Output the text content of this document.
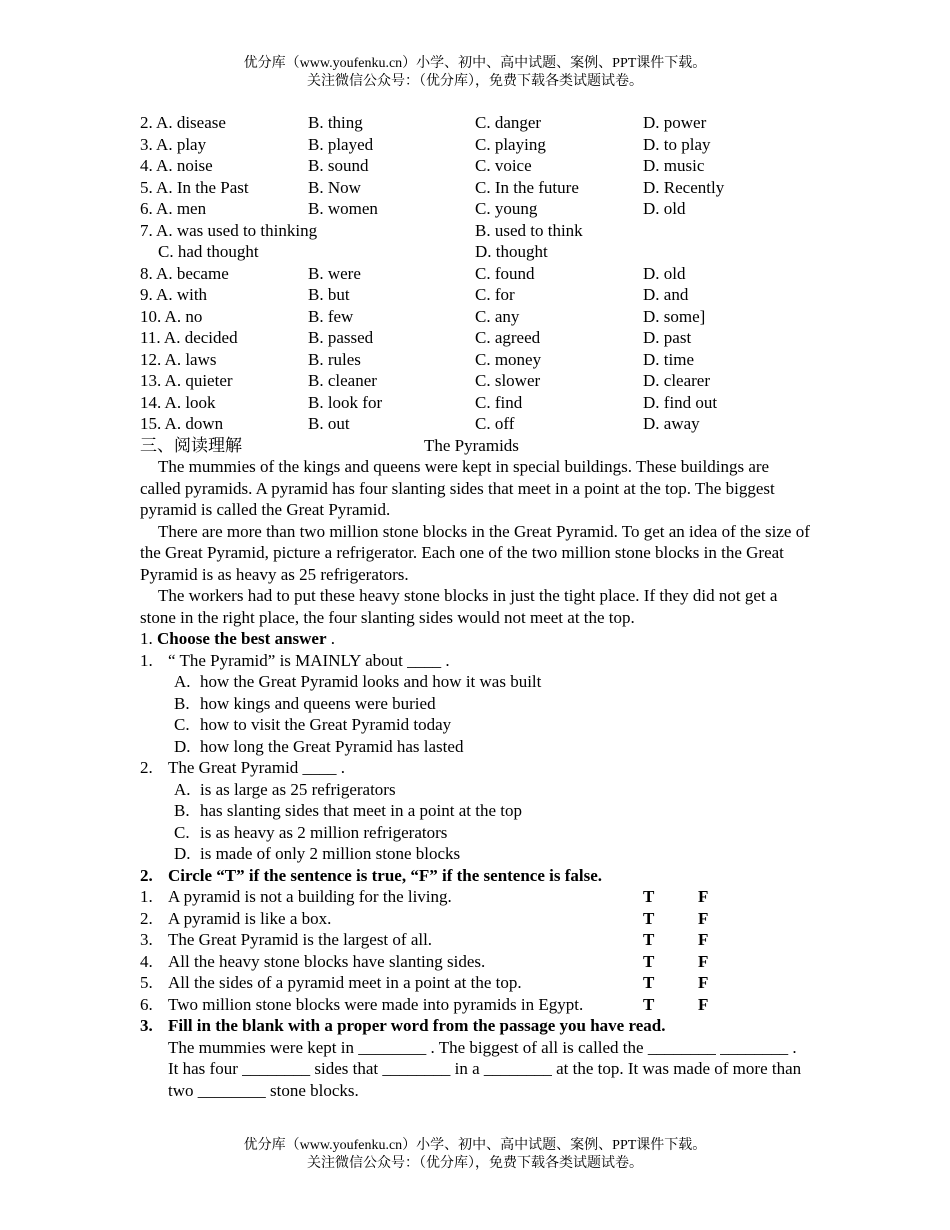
优分库（www.youfenku.cn）小学、初中、高中试题、案例、PPT课件下载。
关注微信公众号：（优分库），免费下载各类试题试卷。
2. A. disease	B. thing	C. danger	D. power
3. A. play	B. played	C. playing	D. to play
4. A. noise	B. sound	C. voice	D. music
5. A. In the Past	B. Now	C. In the future	D. Recently
6. A. men	B. women	C. young	D. old
7. A. was used to thinking	B. used to think
C. had thought	D. thought
8. A. became	B. were	C. found	D. old
9. A. with	B. but	C. for	D. and
10. A. no	B. few	C. any	D. some]
11. A. decided	B. passed	C. agreed	D. past
12. A. laws	B. rules	C. money	D. time
13. A. quieter	B. cleaner	C. slower	D. clearer
14. A. look	B. look for	C. find	D. find out
15. A. down	B. out	C. off	D. away
三、阅读理解	The Pyramids

The mummies of the kings and queens were kept in special buildings. These buildings are called pyramids. A pyramid has four slanting sides that meet in a point at the top. The biggest pyramid is called the Great Pyramid.

There are more than two million stone blocks in the Great Pyramid. To get an idea of the size of the Great Pyramid, picture a refrigerator. Each one of the two million stone blocks in the Great Pyramid is as heavy as 25 refrigerators.

The workers had to put these heavy stone blocks in just the tight place. If they did not get a stone in the right place, the four slanting sides would not meet at the top.

1. Choose the best answer .
1. “ The Pyramid” is MAINLY about ____ .
A. how the Great Pyramid looks and how it was built
B. how kings and queens were buried
C. how to visit the Great Pyramid today
D. how long the Great Pyramid has lasted
2. The Great Pyramid ____ .
A. is as large as 25 refrigerators
B. has slanting sides that meet in a point at the top
C. is as heavy as 2 million refrigerators
D. is made of only 2 million stone blocks
2. Circle “T” if the sentence is true, “F” if the sentence is false.
1. A pyramid is not a building for the living.	T	F
2. A pyramid is like a box.	T	F
3. The Great Pyramid is the largest of all.	T	F
4. All the heavy stone blocks have slanting sides.	T	F
5. All the sides of a pyramid meet in a point at the top.	T	F
6. Two million stone blocks were made into pyramids in Egypt.	T	F
3. Fill in the blank with a proper word from the passage you have read.
The mummies were kept in ________ . The biggest of all is called the ________ ________ . It has four ________ sides that ________ in a ________ at the top. It was made of more than two ________ stone blocks.
优分库（www.youfenku.cn）小学、初中、高中试题、案例、PPT课件下载。
关注微信公众号：（优分库），免费下载各类试题试卷。
